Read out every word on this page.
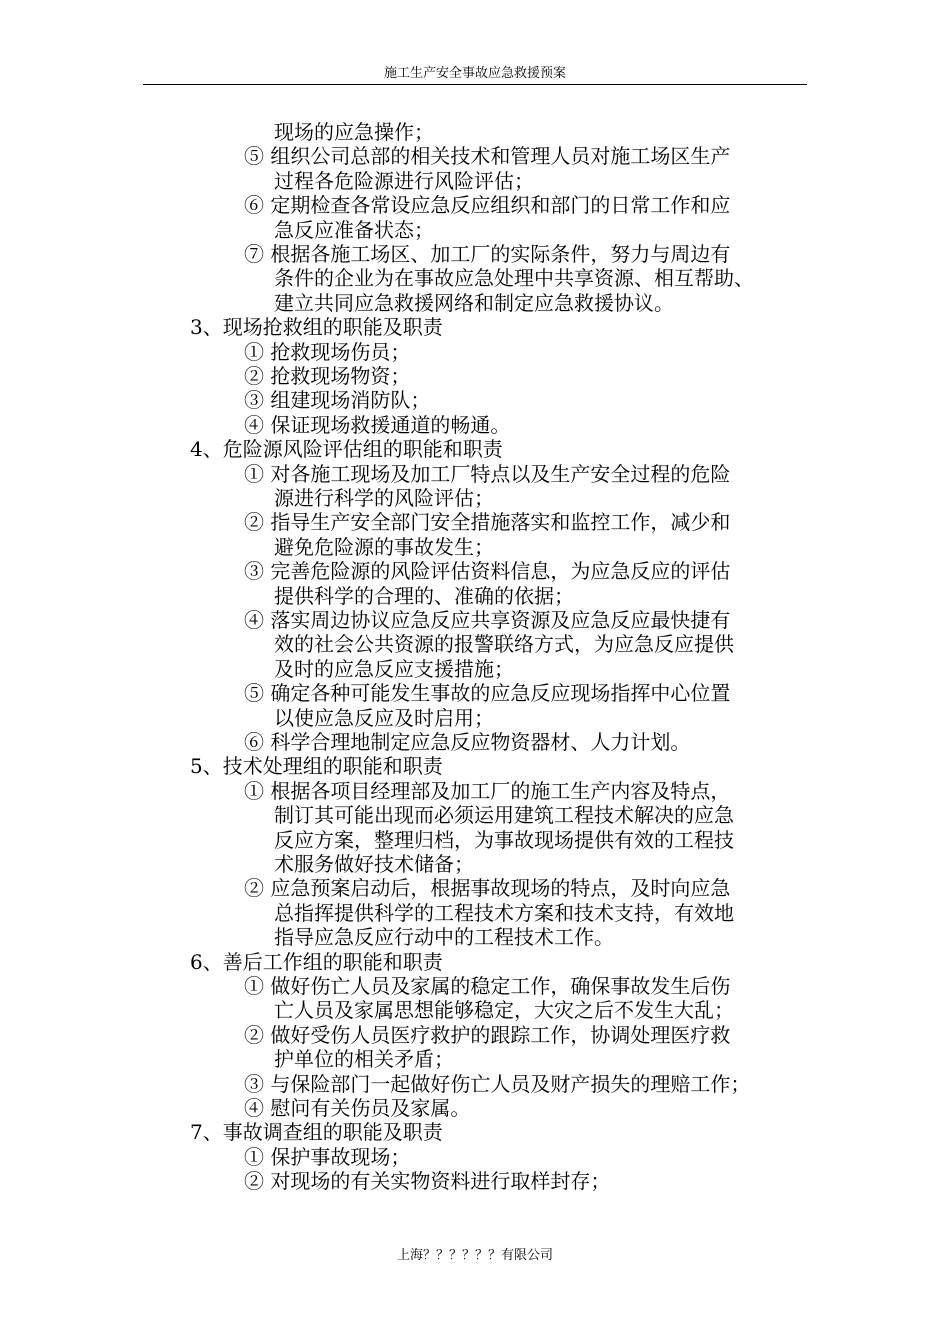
施工生产安全事故应急救援预案
现场的应急操作；
⑤ 组织公司总部的相关技术和管理人员对施工场区生产
过程各危险源进行风险评估；
⑥ 定期检查各常设应急反应组织和部门的日常工作和应
急反应准备状态；
⑦ 根据各施工场区、加工厂的实际条件，努力与周边有
条件的企业为在事故应急处理中共享资源、相互帮助、
建立共同应急救援网络和制定应急救援协议。
3、现场抢救组的职能及职责
① 抢救现场伤员；
② 抢救现场物资；
③ 组建现场消防队；
④ 保证现场救援通道的畅通。
4、危险源风险评估组的职能和职责
① 对各施工现场及加工厂特点以及生产安全过程的危险
源进行科学的风险评估；
② 指导生产安全部门安全措施落实和监控工作，减少和
避免危险源的事故发生；
③ 完善危险源的风险评估资料信息，为应急反应的评估
提供科学的合理的、准确的依据；
④ 落实周边协议应急反应共享资源及应急反应最快捷有
效的社会公共资源的报警联络方式，为应急反应提供
及时的应急反应支援措施；
⑤ 确定各种可能发生事故的应急反应现场指挥中心位置
以使应急反应及时启用；
⑥ 科学合理地制定应急反应物资器材、人力计划。
5、技术处理组的职能和职责
① 根据各项目经理部及加工厂的施工生产内容及特点，
制订其可能出现而必须运用建筑工程技术解决的应急
反应方案，整理归档，为事故现场提供有效的工程技
术服务做好技术储备；
② 应急预案启动后，根据事故现场的特点，及时向应急
总指挥提供科学的工程技术方案和技术支持，有效地
指导应急反应行动中的工程技术工作。
6、善后工作组的职能和职责
① 做好伤亡人员及家属的稳定工作，确保事故发生后伤
亡人员及家属思想能够稳定，大灾之后不发生大乱；
② 做好受伤人员医疗救护的跟踪工作，协调处理医疗救
护单位的相关矛盾；
③ 与保险部门一起做好伤亡人员及财产损失的理赔工作；
④ 慰问有关伤员及家属。
7、事故调查组的职能及职责
① 保护事故现场；
② 对现场的有关实物资料进行取样封存；
上海？？？？？？有限公司
